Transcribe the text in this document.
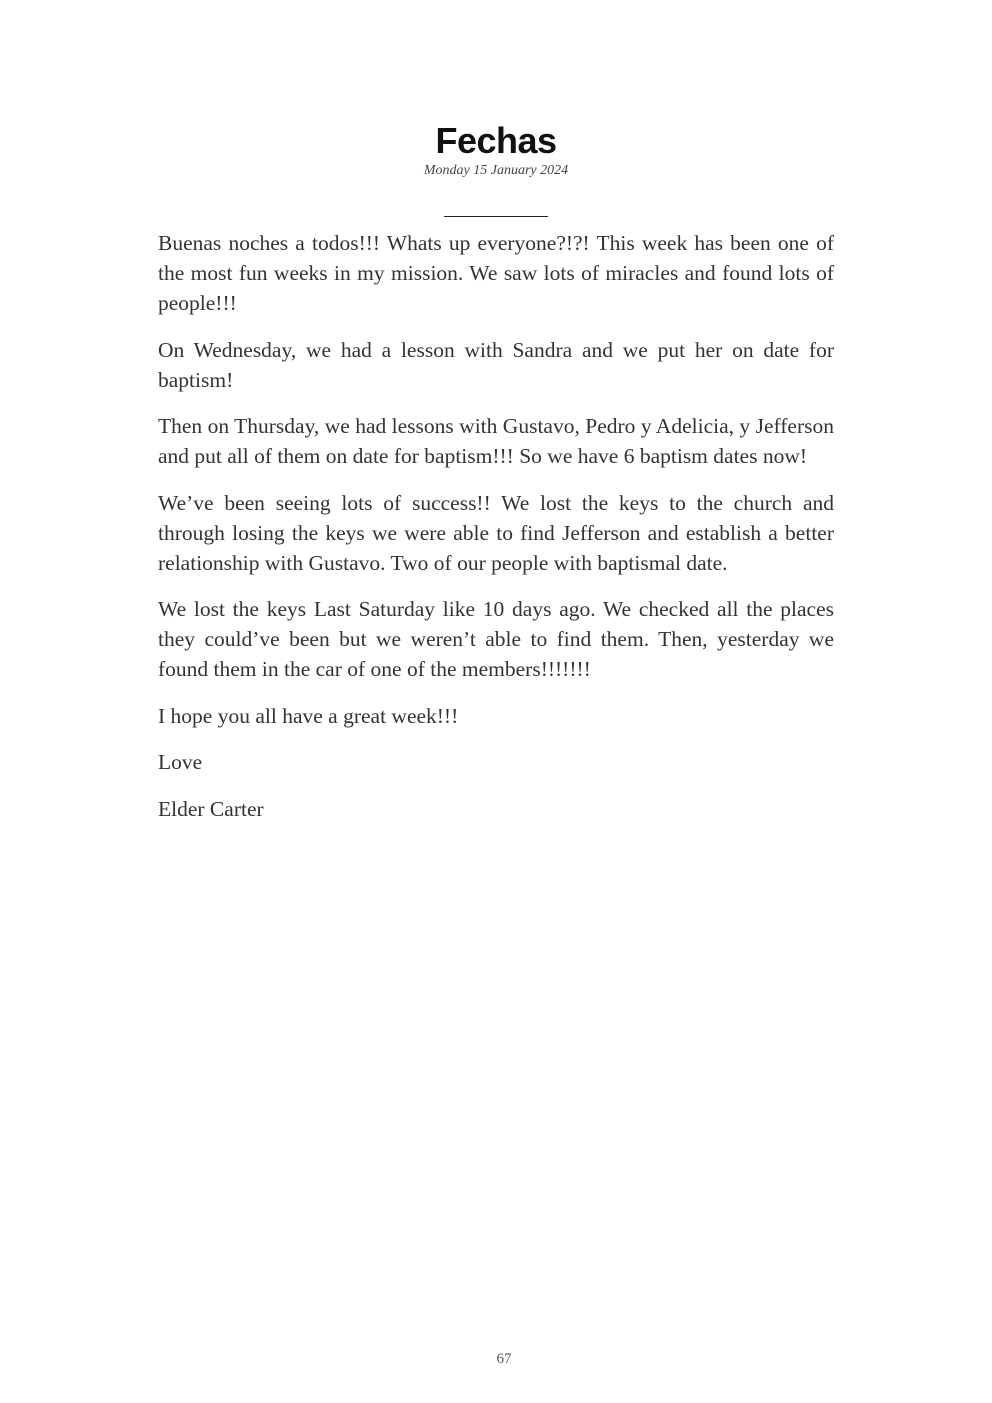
Fechas
Monday 15 January 2024

Buenas noches a todos!!! Whats up everyone?!?! This week has been one of the most fun weeks in my mission. We saw lots of miracles and found lots of people!!!

On Wednesday, we had a lesson with Sandra and we put her on date for baptism!

Then on Thursday, we had lessons with Gustavo, Pedro y Adelicia, y Jefferson and put all of them on date for baptism!!! So we have 6 baptism dates now!

We’ve been seeing lots of success!! We lost the keys to the church and through losing the keys we were able to find Jefferson and establish a better relationship with Gustavo. Two of our people with baptismal date.

We lost the keys Last Saturday like 10 days ago. We checked all the places they could’ve been but we weren’t able to find them. Then, yesterday we found them in the car of one of the members!!!!!!!

I hope you all have a great week!!!

Love

Elder Carter

67
